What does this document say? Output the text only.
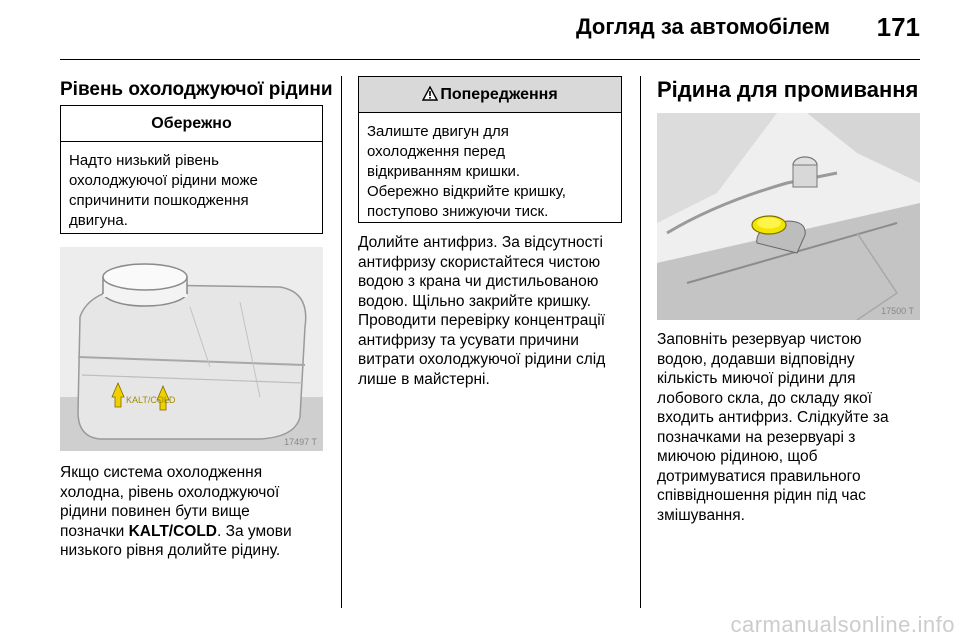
Догляд за автомобілем	171
Рівень охолоджуючої рідини
Обережно
Надто низький рівень
охолоджуючої рідини може
спричинити пошкодження
двигуна.
KALT/COLD
17497 T
Якщо система охолодження
холодна, рівень охолоджуючої
рідини повинен бути вище
позначки KALT/COLD. За умови
низького рівня долийте рідину.
Попередження
Залиште двигун для
охолодження перед
відкриванням кришки.
Обережно відкрийте кришку,
поступово знижуючи тиск.
Долийте антифриз. За відсутності
антифризу скористайтеся чистою
водою з крана чи дистильованою
водою. Щільно закрийте кришку.
Проводити перевірку концентрації
антифризу та усувати причини
витрати охолоджуючої рідини слід
лише в майстерні.
Рідина для промивання
17500 T
Заповніть резервуар чистою
водою, додавши відповідну
кількість миючої рідини для
лобового скла, до складу якої
входить антифриз. Слідкуйте за
позначками на резервуарі з
миючою рідиною, щоб
дотримуватися правильного
співвідношення рідин під час
змішування.
carmanualsonline.info
